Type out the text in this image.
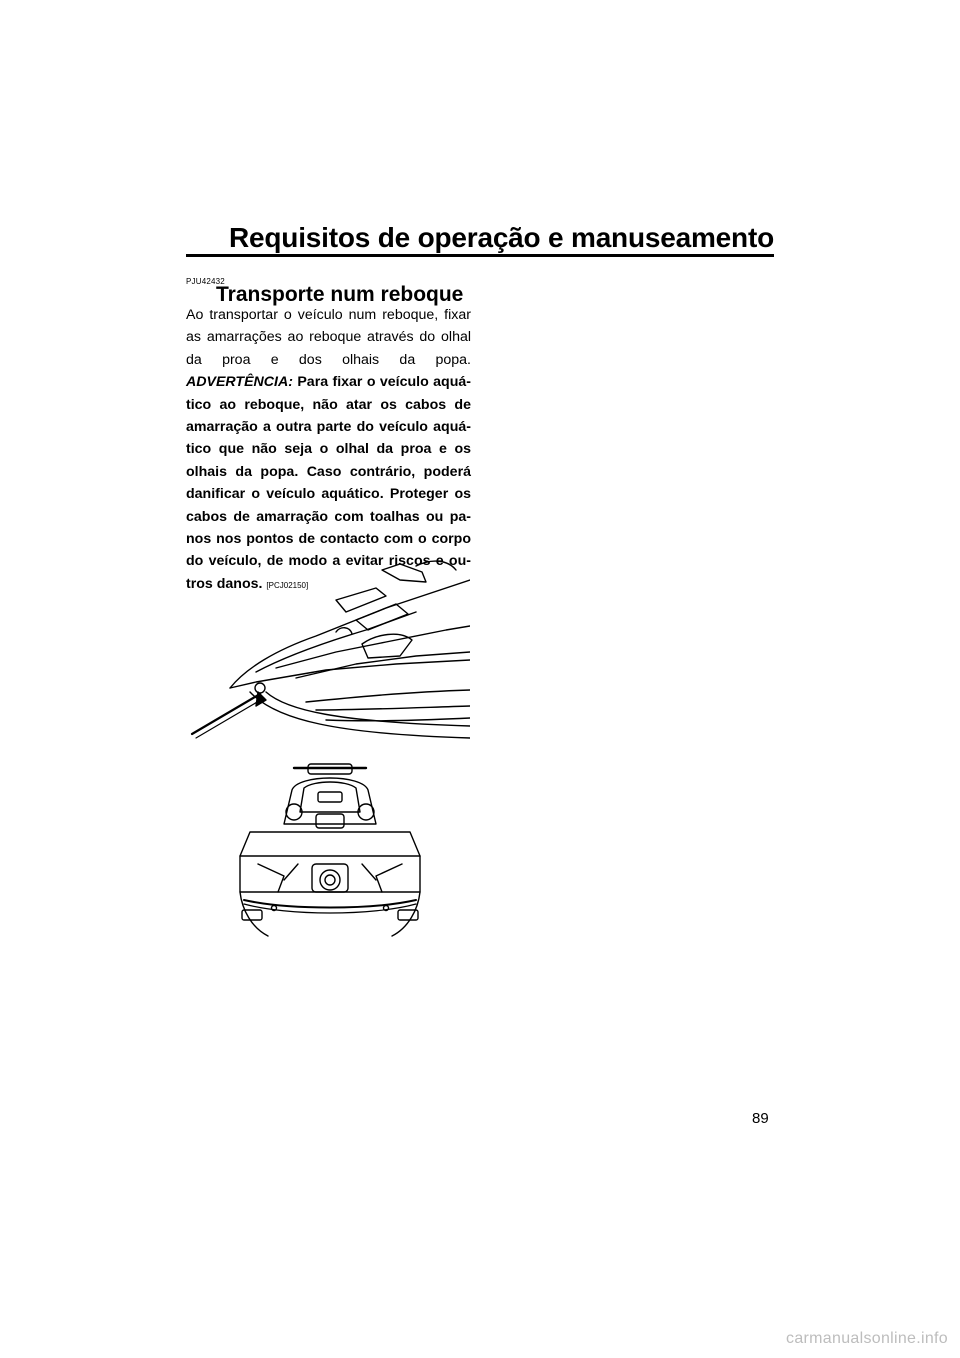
Requisitos de operação e manuseamento
PJU42432
Transporte num reboque
Ao transportar o veículo num reboque, fixar as amarrações ao reboque através do olhal da proa e dos olhais da popa. ADVERTÊNCIA: Para fixar o veículo aquá-tico ao reboque, não atar os cabos de amarração a outra parte do veículo aquá-tico que não seja o olhal da proa e os olhais da popa. Caso contrário, poderá danificar o veículo aquático. Proteger os cabos de amarração com toalhas ou pa-nos nos pontos de contacto com o corpo do veículo, de modo a evitar riscos e ou-tros danos. [PCJ02150]
89
carmanualsonline.info
